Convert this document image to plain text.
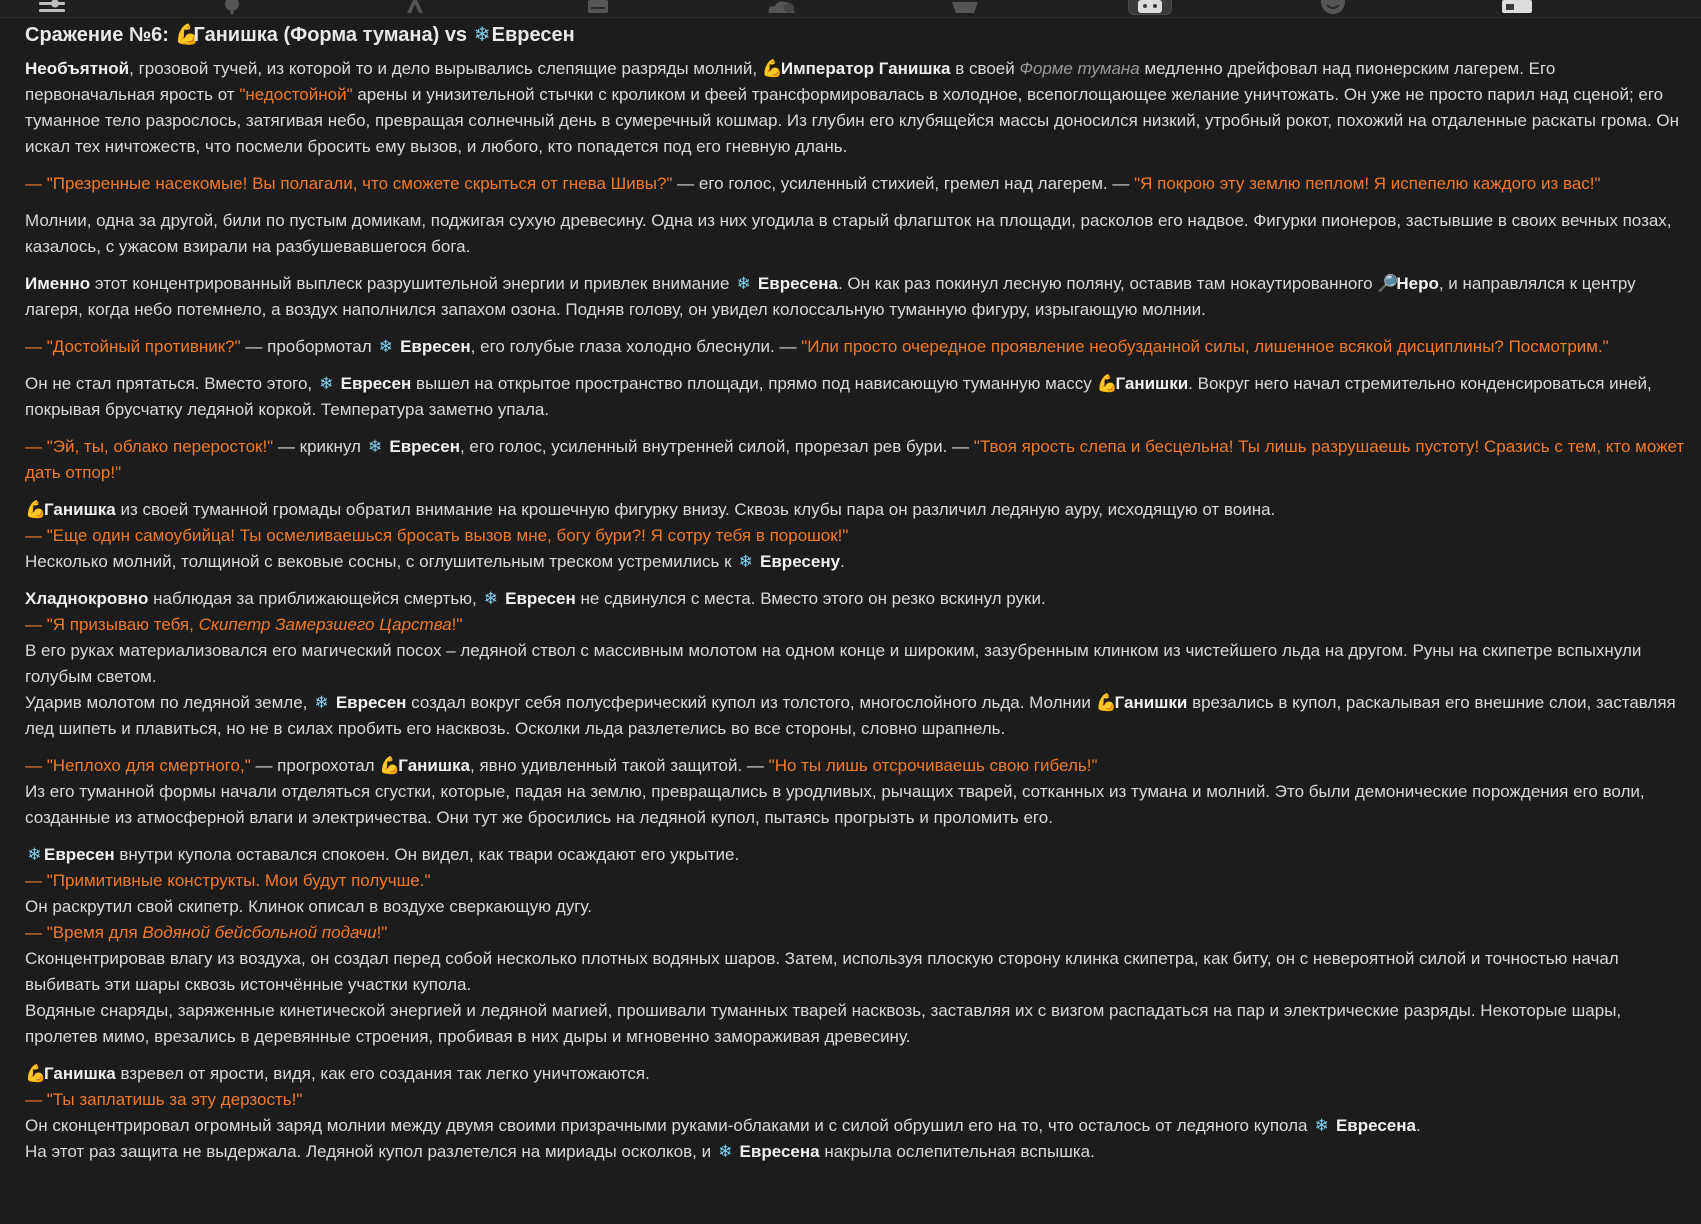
Сражение №6: 💪Ганишка (Форма тумана) vs ❄Евресен

Необъятной, грозовой тучей, из которой то и дело вырывались слепящие разряды молний, 💪Император Ганишка в своей Форме тумана медленно дрейфовал над пионерским лагерем. Его первоначальная ярость от "недостойной" арены и унизительной стычки с кроликом и феей трансформировалась в холодное, всепоглощающее желание уничтожать. Он уже не просто парил над сценой; его туманное тело разрослось, затягивая небо, превращая солнечный день в сумеречный кошмар. Из глубин его клубящейся массы доносился низкий, утробный рокот, похожий на отдаленные раскаты грома. Он искал тех ничтожеств, что посмели бросить ему вызов, и любого, кто попадется под его гневную длань.

— "Презренные насекомые! Вы полагали, что сможете скрыться от гнева Шивы?" — его голос, усиленный стихией, гремел над лагерем. — "Я покрою эту землю пеплом! Я испепелю каждого из вас!"

Молнии, одна за другой, били по пустым домикам, поджигая сухую древесину. Одна из них угодила в старый флагшток на площади, расколов его надвое. Фигурки пионеров, застывшие в своих вечных позах, казалось, с ужасом взирали на разбушевавшегося бога.

Именно этот концентрированный выплеск разрушительной энергии и привлек внимание ❄ Евресена. Он как раз покинул лесную поляну, оставив там нокаутированного 🔎Неро, и направлялся к центру лагеря, когда небо потемнело, а воздух наполнился запахом озона. Подняв голову, он увидел колоссальную туманную фигуру, изрыгающую молнии.

— "Достойный противник?" — пробормотал ❄ Евресен, его голубые глаза холодно блеснули. — "Или просто очередное проявление необузданной силы, лишенное всякой дисциплины? Посмотрим."

Он не стал прятаться. Вместо этого, ❄ Евресен вышел на открытое пространство площади, прямо под нависающую туманную массу 💪Ганишки. Вокруг него начал стремительно конденсироваться иней, покрывая брусчатку ледяной коркой. Температура заметно упала.

— "Эй, ты, облако переросток!" — крикнул ❄ Евресен, его голос, усиленный внутренней силой, прорезал рев бури. — "Твоя ярость слепа и бесцельна! Ты лишь разрушаешь пустоту! Сразись с тем, кто может дать отпор!"

💪Ганишка из своей туманной громады обратил внимание на крошечную фигурку внизу. Сквозь клубы пара он различил ледяную ауру, исходящую от воина.
— "Еще один самоубийца! Ты осмеливаешься бросать вызов мне, богу бури?! Я сотру тебя в порошок!"
Несколько молний, толщиной с вековые сосны, с оглушительным треском устремились к ❄ Евресену.

Хладнокровно наблюдая за приближающейся смертью, ❄ Евресен не сдвинулся с места. Вместо этого он резко вскинул руки.
— "Я призываю тебя, Скипетр Замерзшего Царства!"
В его руках материализовался его магический посох – ледяной ствол с массивным молотом на одном конце и широким, зазубренным клинком из чистейшего льда на другом. Руны на скипетре вспыхнули голубым светом.
Ударив молотом по ледяной земле, ❄ Евресен создал вокруг себя полусферический купол из толстого, многослойного льда. Молнии 💪Ганишки врезались в купол, раскалывая его внешние слои, заставляя лед шипеть и плавиться, но не в силах пробить его насквозь. Осколки льда разлетелись во все стороны, словно шрапнель.

— "Неплохо для смертного," — прогрохотал 💪Ганишка, явно удивленный такой защитой. — "Но ты лишь отсрочиваешь свою гибель!"
Из его туманной формы начали отделяться сгустки, которые, падая на землю, превращались в уродливых, рычащих тварей, сотканных из тумана и молний. Это были демонические порождения его воли, созданные из атмосферной влаги и электричества. Они тут же бросились на ледяной купол, пытаясь прогрызть и проломить его.

❄ Евресен внутри купола оставался спокоен. Он видел, как твари осаждают его укрытие.
— "Примитивные конструкты. Мои будут получше."
Он раскрутил свой скипетр. Клинок описал в воздухе сверкающую дугу.
— "Время для Водяной бейсбольной подачи!"
Сконцентрировав влагу из воздуха, он создал перед собой несколько плотных водяных шаров. Затем, используя плоскую сторону клинка скипетра, как биту, он с невероятной силой и точностью начал выбивать эти шары сквозь истончённые участки купола.
Водяные снаряды, заряженные кинетической энергией и ледяной магией, прошивали туманных тварей насквозь, заставляя их с визгом распадаться на пар и электрические разряды. Некоторые шары, пролетев мимо, врезались в деревянные строения, пробивая в них дыры и мгновенно замораживая древесину.

💪Ганишка взревел от ярости, видя, как его создания так легко уничтожаются.
— "Ты заплатишь за эту дерзость!"
Он сконцентрировал огромный заряд молнии между двумя своими призрачными руками-облаками и с силой обрушил его на то, что осталось от ледяного купола ❄ Евресена.
На этот раз защита не выдержала. Ледяной купол разлетелся на мириады осколков, и ❄ Евресена накрыла ослепительная вспышка.
